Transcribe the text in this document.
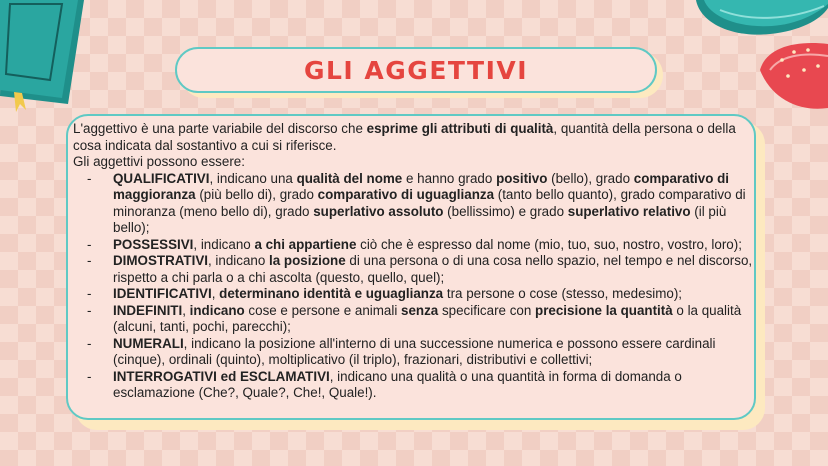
GLI AGGETTIVI

L'aggettivo è una parte variabile del discorso che esprime gli attributi di qualità, quantità della persona o della cosa indicata dal sostantivo a cui si riferisce.

Gli aggettivi possono essere:

- QUALIFICATIVI, indicano una qualità del nome e hanno grado positivo (bello), grado comparativo di maggioranza (più bello di), grado comparativo di uguaglianza (tanto bello quanto), grado comparativo di minoranza (meno bello di), grado superlativo assoluto (bellissimo) e grado superlativo relativo (il più bello);
- POSSESSIVI, indicano a chi appartiene ciò che è espresso dal nome (mio, tuo, suo, nostro, vostro, loro);
- DIMOSTRATIVI, indicano la posizione di una persona o di una cosa nello spazio, nel tempo e nel discorso, rispetto a chi parla o a chi ascolta (questo, quello, quel);
- IDENTIFICATIVI, determinano identità e uguaglianza tra persone o cose (stesso, medesimo);
- INDEFINITI, indicano cose e persone e animali senza specificare con precisione la quantità o la qualità (alcuni, tanti, pochi, parecchi);
- NUMERALI, indicano la posizione all'interno di una successione numerica e possono essere cardinali (cinque), ordinali (quinto), moltiplicativo (il triplo), frazionari, distributivi e collettivi;
- INTERROGATIVI ed ESCLAMATIVI, indicano una qualità o una quantità in forma di domanda o esclamazione (Che?, Quale?, Che!, Quale!).
